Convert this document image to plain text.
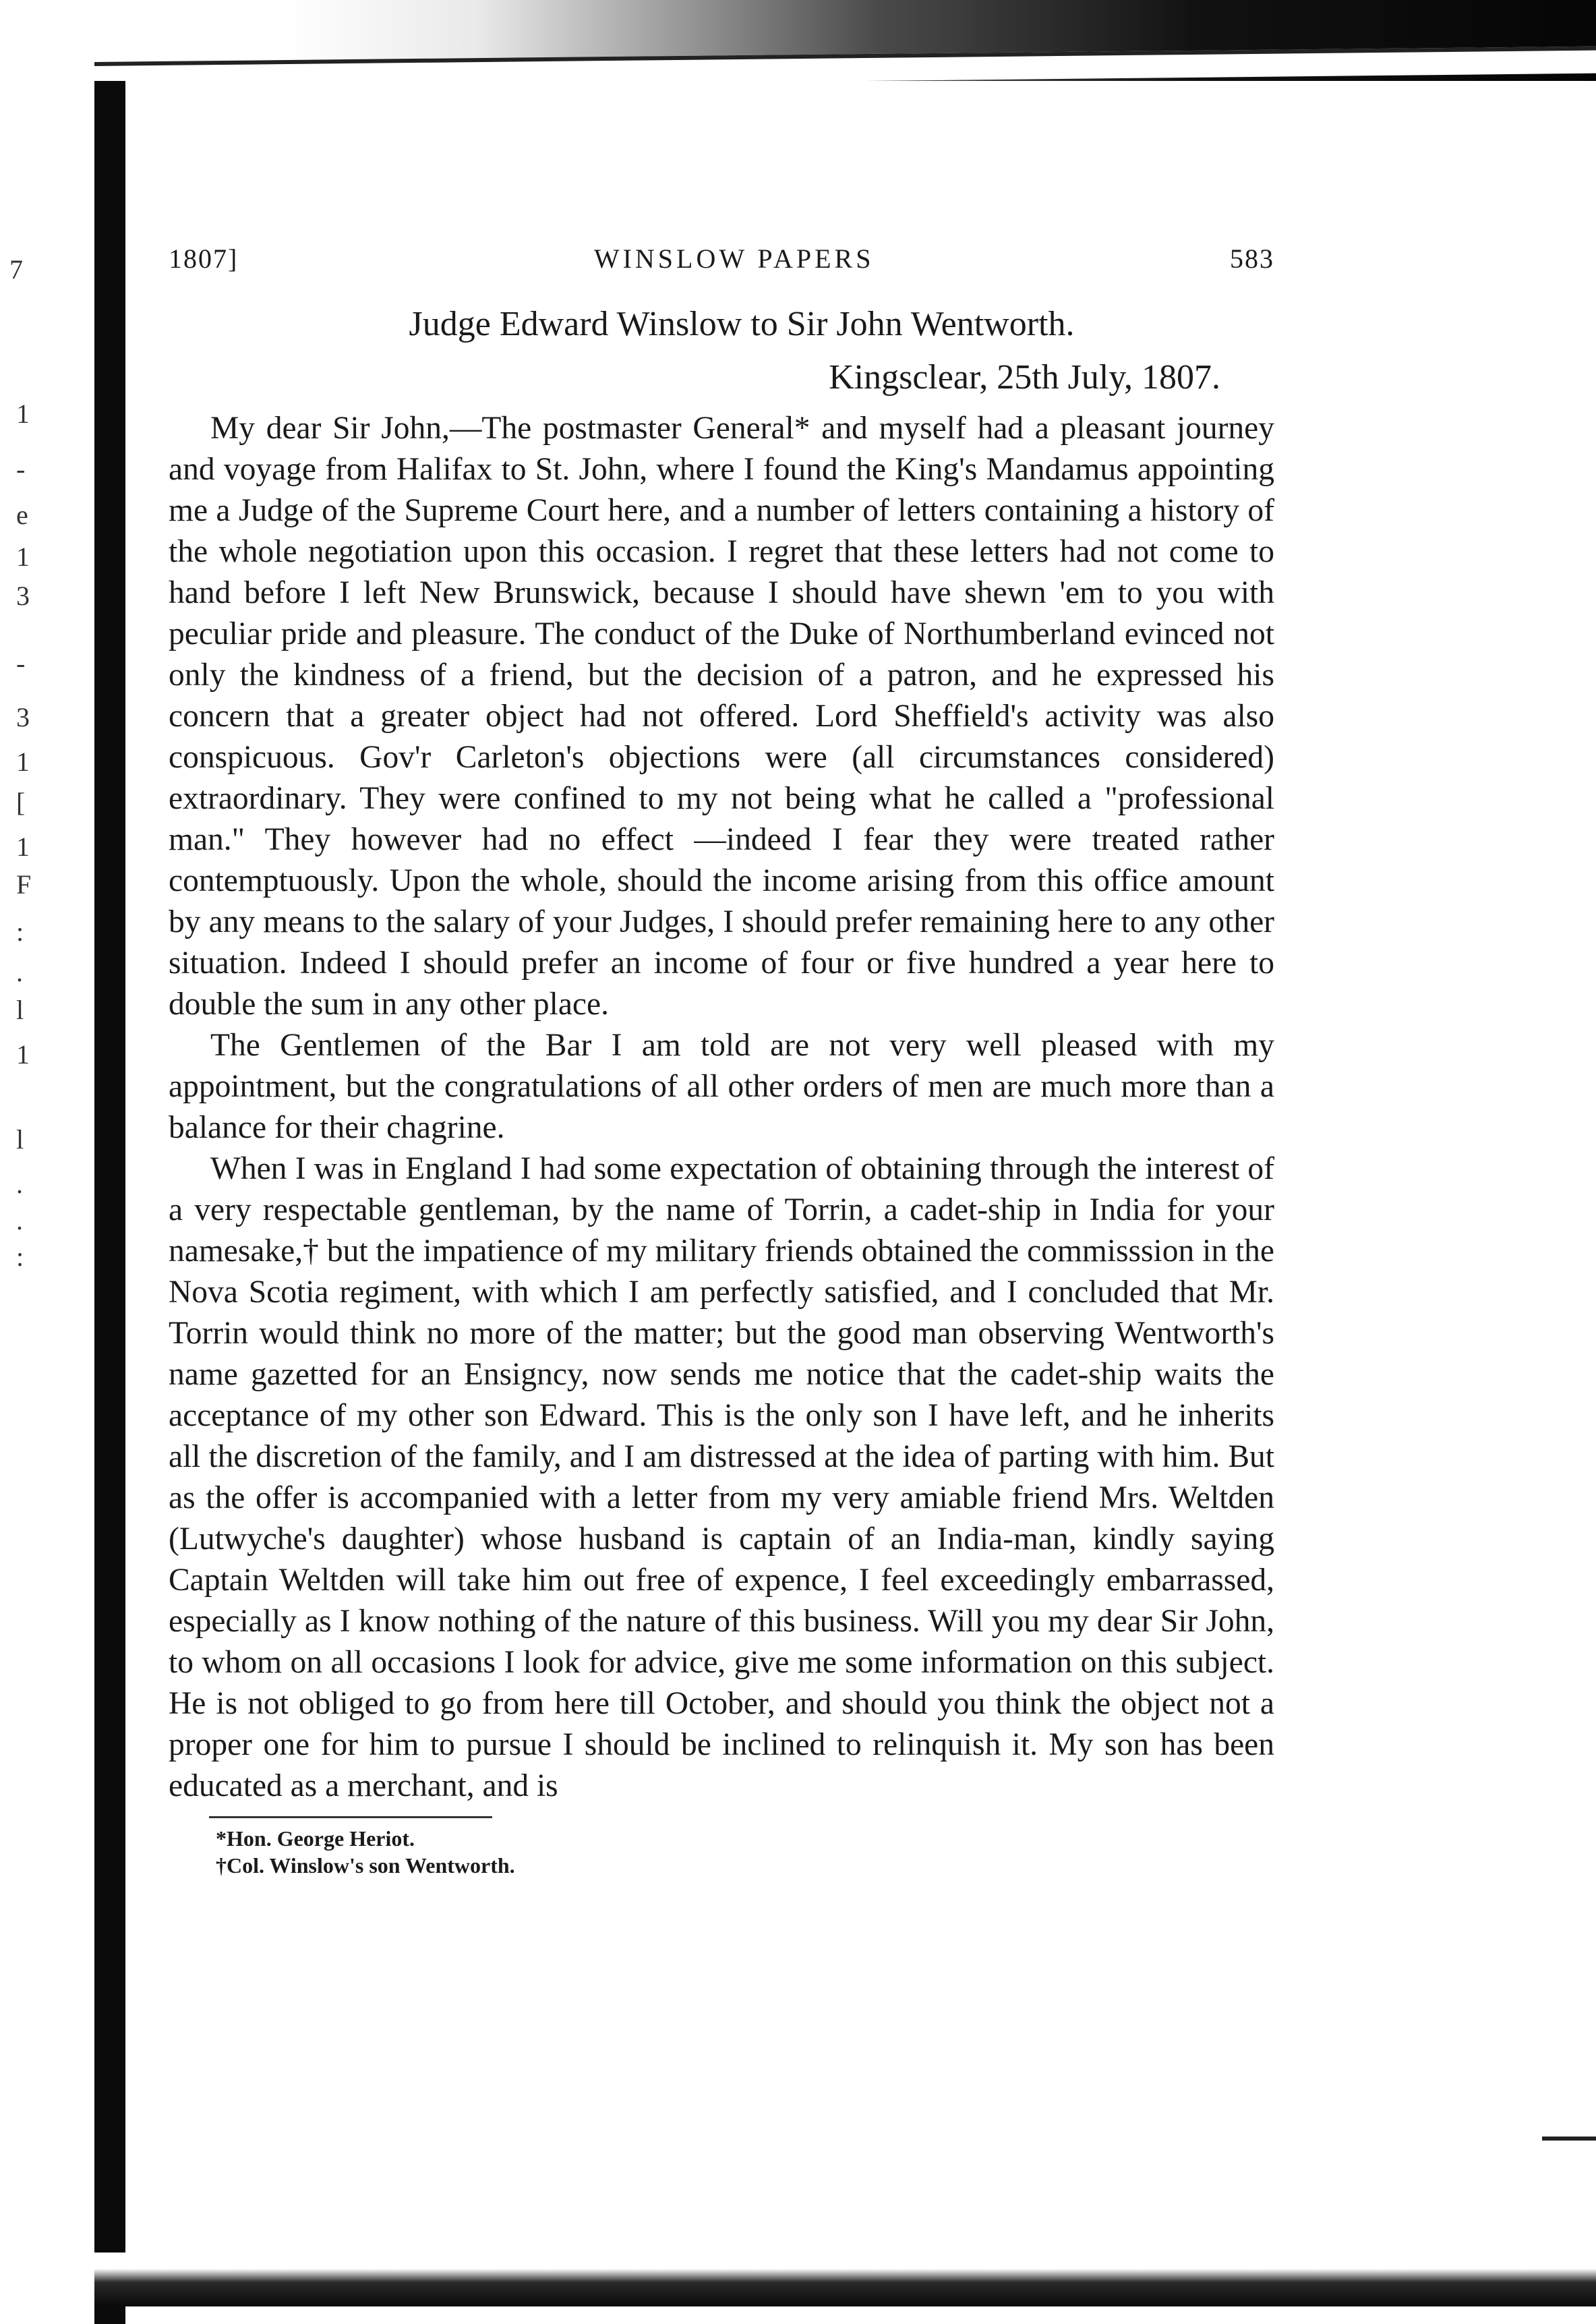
7
1
-
e
1
3
-
3
1
[
1
F
:
.
l
1
l
.
.
:
1807]	WINSLOW PAPERS	583
Judge Edward Winslow to Sir John Wentworth.
Kingsclear, 25th July, 1807.

My dear Sir John,—The postmaster General* and myself had a pleasant journey and voyage from Halifax to St. John, where I found the King's Mandamus appointing me a Judge of the Supreme Court here, and a number of letters containing a history of the whole negotiation upon this occasion. I regret that these letters had not come to hand before I left New Brunswick, because I should have shewn 'em to you with peculiar pride and pleasure. The conduct of the Duke of Northumberland evinced not only the kindness of a friend, but the decision of a patron, and he expressed his concern that a greater object had not offered. Lord Sheffield's activity was also conspicuous. Gov'r Carleton's objections were (all circumstances considered) extraordinary. They were confined to my not being what he called a "professional man." They however had no effect —indeed I fear they were treated rather contemptuously. Upon the whole, should the income arising from this office amount by any means to the salary of your Judges, I should prefer remaining here to any other situation. Indeed I should prefer an income of four or five hundred a year here to double the sum in any other place.

The Gentlemen of the Bar I am told are not very well pleased with my appointment, but the congratulations of all other orders of men are much more than a balance for their chagrine.

When I was in England I had some expectation of obtaining through the interest of a very respectable gentleman, by the name of Torrin, a cadet-ship in India for your namesake,† but the impatience of my military friends obtained the commisssion in the Nova Scotia regiment, with which I am perfectly satisfied, and I concluded that Mr. Torrin would think no more of the matter; but the good man observing Wentworth's name gazetted for an Ensigncy, now sends me notice that the cadet-ship waits the acceptance of my other son Edward. This is the only son I have left, and he inherits all the discretion of the family, and I am distressed at the idea of parting with him. But as the offer is accompanied with a letter from my very amiable friend Mrs. Weltden (Lutwyche's daughter) whose husband is captain of an India-man, kindly saying Captain Weltden will take him out free of expence, I feel exceedingly embarrassed, especially as I know nothing of the nature of this business. Will you my dear Sir John, to whom on all occasions I look for advice, give me some information on this subject. He is not obliged to go from here till October, and should you think the object not a proper one for him to pursue I should be inclined to relinquish it. My son has been educated as a merchant, and is

*Hon. George Heriot.
†Col. Winslow's son Wentworth.
